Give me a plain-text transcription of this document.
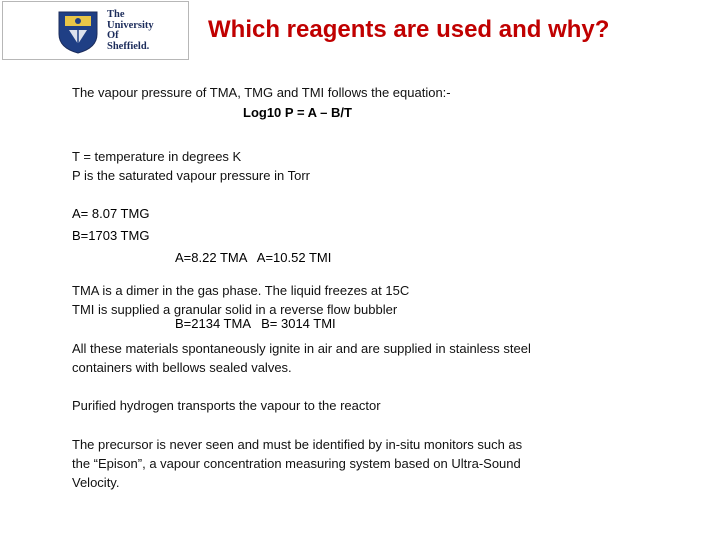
The
University
Of
Sheffield.
Which reagents are used and why?
The vapour pressure of TMA, TMG and TMI follows the equation:-
Log10 P = A – B/T
T = temperature in degrees K
P is the saturated vapour pressure in Torr
A= 8.07 TMG
B=1703 TMG

A=8.22 TMA   A=10.52 TMI

B=2134 TMA   B= 3014 TMI

TMA is a dimer in the gas phase. The liquid freezes at 15C
TMI is supplied a granular solid in a reverse flow bubbler
All these materials spontaneously ignite in air and are supplied in stainless steel
containers with bellows sealed valves.
Purified hydrogen transports the vapour to the reactor
The precursor is never seen and must be identified by in-situ monitors such as
the “Epison”, a vapour concentration measuring system based on Ultra-Sound
Velocity.
